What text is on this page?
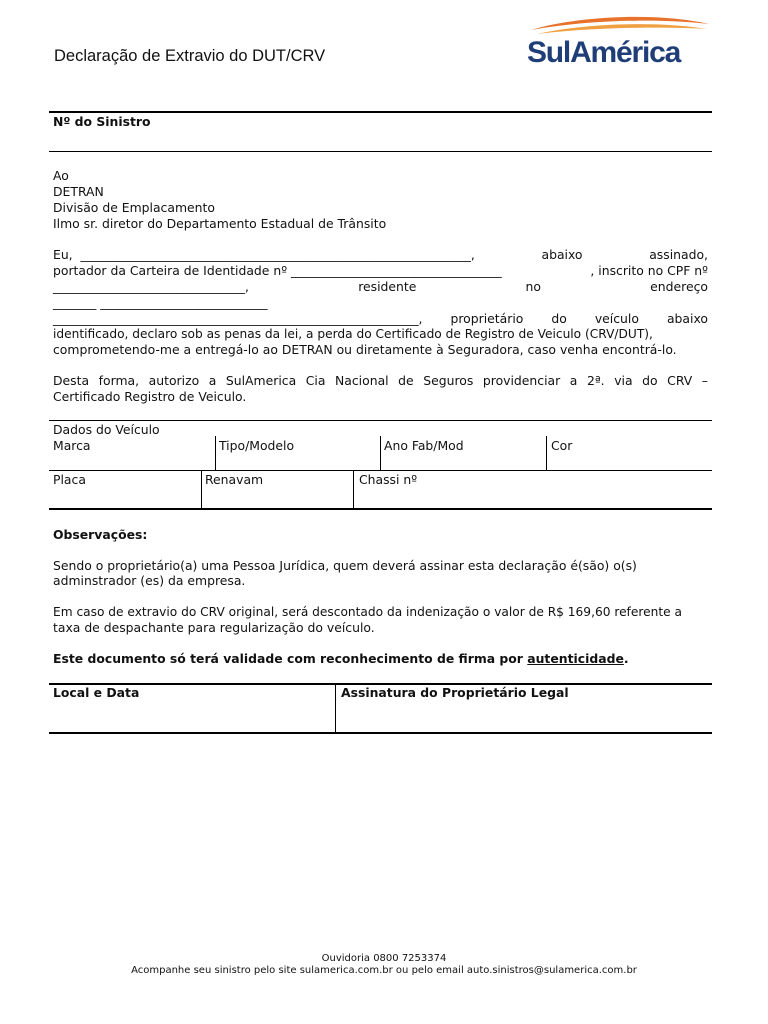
Declaração de Extravio do DUT/CRV	SulAmérica
Nº do Sinistro
Ao
DETRAN
Divisão de Emplacamento
Ilmo sr. diretor do Departamento Estadual de Trânsito
Eu, _______________________________________________________________,	abaixo	assinado,
portador da Carteira de Identidade nº __________________________________	, inscrito no CPF nº
_______________________________,	residente	no	endereço
_______ ___________________________
___________________________________________________________, proprietário do veículo abaixo
identificado, declaro sob as penas da lei, a perda do Certificado de Registro de Veiculo (CRV/DUT),
comprometendo-me a entregá-lo ao DETRAN ou diretamente à Seguradora, caso venha encontrá-lo.
Desta forma, autorizo a SulAmerica Cia Nacional de Seguros providenciar a 2ª. via do CRV –
Certificado Registro de Veiculo.
Dados do Veículo
Marca	Tipo/Modelo	Ano Fab/Mod	Cor
Placa	Renavam	Chassi nº
Observações:
Sendo o proprietário(a) uma Pessoa Jurídica, quem deverá assinar esta declaração é(são) o(s)
adminstrador (es) da empresa.
Em caso de extravio do CRV original, será descontado da indenização o valor de R$ 169,60 referente a
taxa de despachante para regularização do veículo.
Este documento só terá validade com reconhecimento de firma por autenticidade.
Local e Data	Assinatura do Proprietário Legal
Ouvidoria 0800 7253374
Acompanhe seu sinistro pelo site sulamerica.com.br ou pelo email auto.sinistros@sulamerica.com.br
